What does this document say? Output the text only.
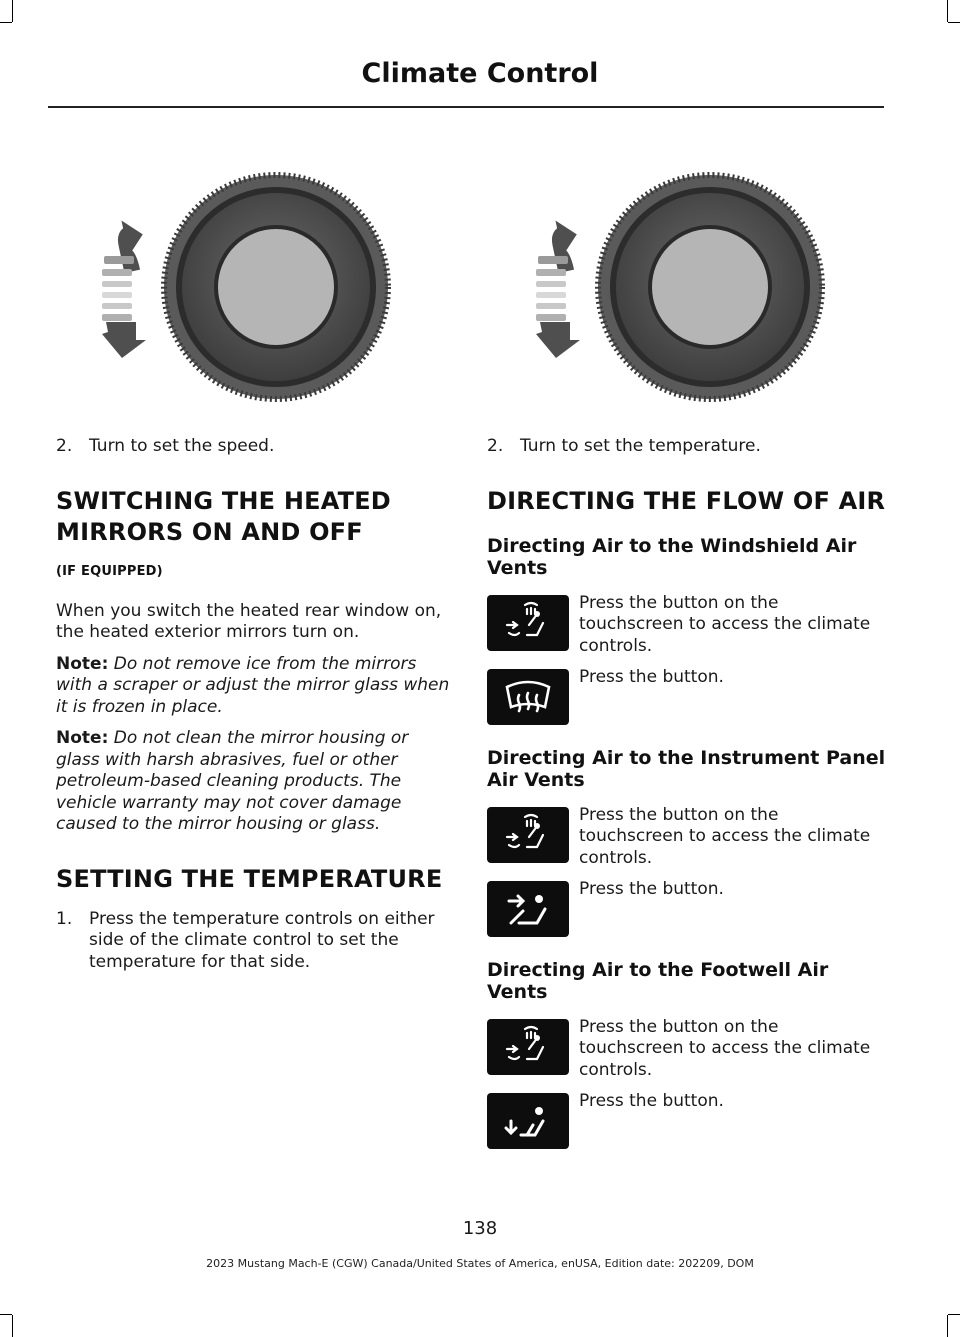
Climate Control
2. Turn to set the speed.
SWITCHING THE HEATED MIRRORS ON AND OFF
(IF EQUIPPED)

When you switch the heated rear window on, the heated exterior mirrors turn on.

Note: Do not remove ice from the mirrors with a scraper or adjust the mirror glass when it is frozen in place.

Note: Do not clean the mirror housing or glass with harsh abrasives, fuel or other petroleum-based cleaning products. The vehicle warranty may not cover damage caused to the mirror housing or glass.

SETTING THE TEMPERATURE
1. Press the temperature controls on either side of the climate control to set the temperature for that side.
2. Turn to set the temperature.
DIRECTING THE FLOW OF AIR
Directing Air to the Windshield Air Vents
Press the button on the touchscreen to access the climate controls.
Press the button.
Directing Air to the Instrument Panel Air Vents
Press the button on the touchscreen to access the climate controls.
Press the button.
Directing Air to the Footwell Air Vents
Press the button on the touchscreen to access the climate controls.
Press the button.
138
2023 Mustang Mach-E (CGW) Canada/United States of America, enUSA, Edition date: 202209, DOM
